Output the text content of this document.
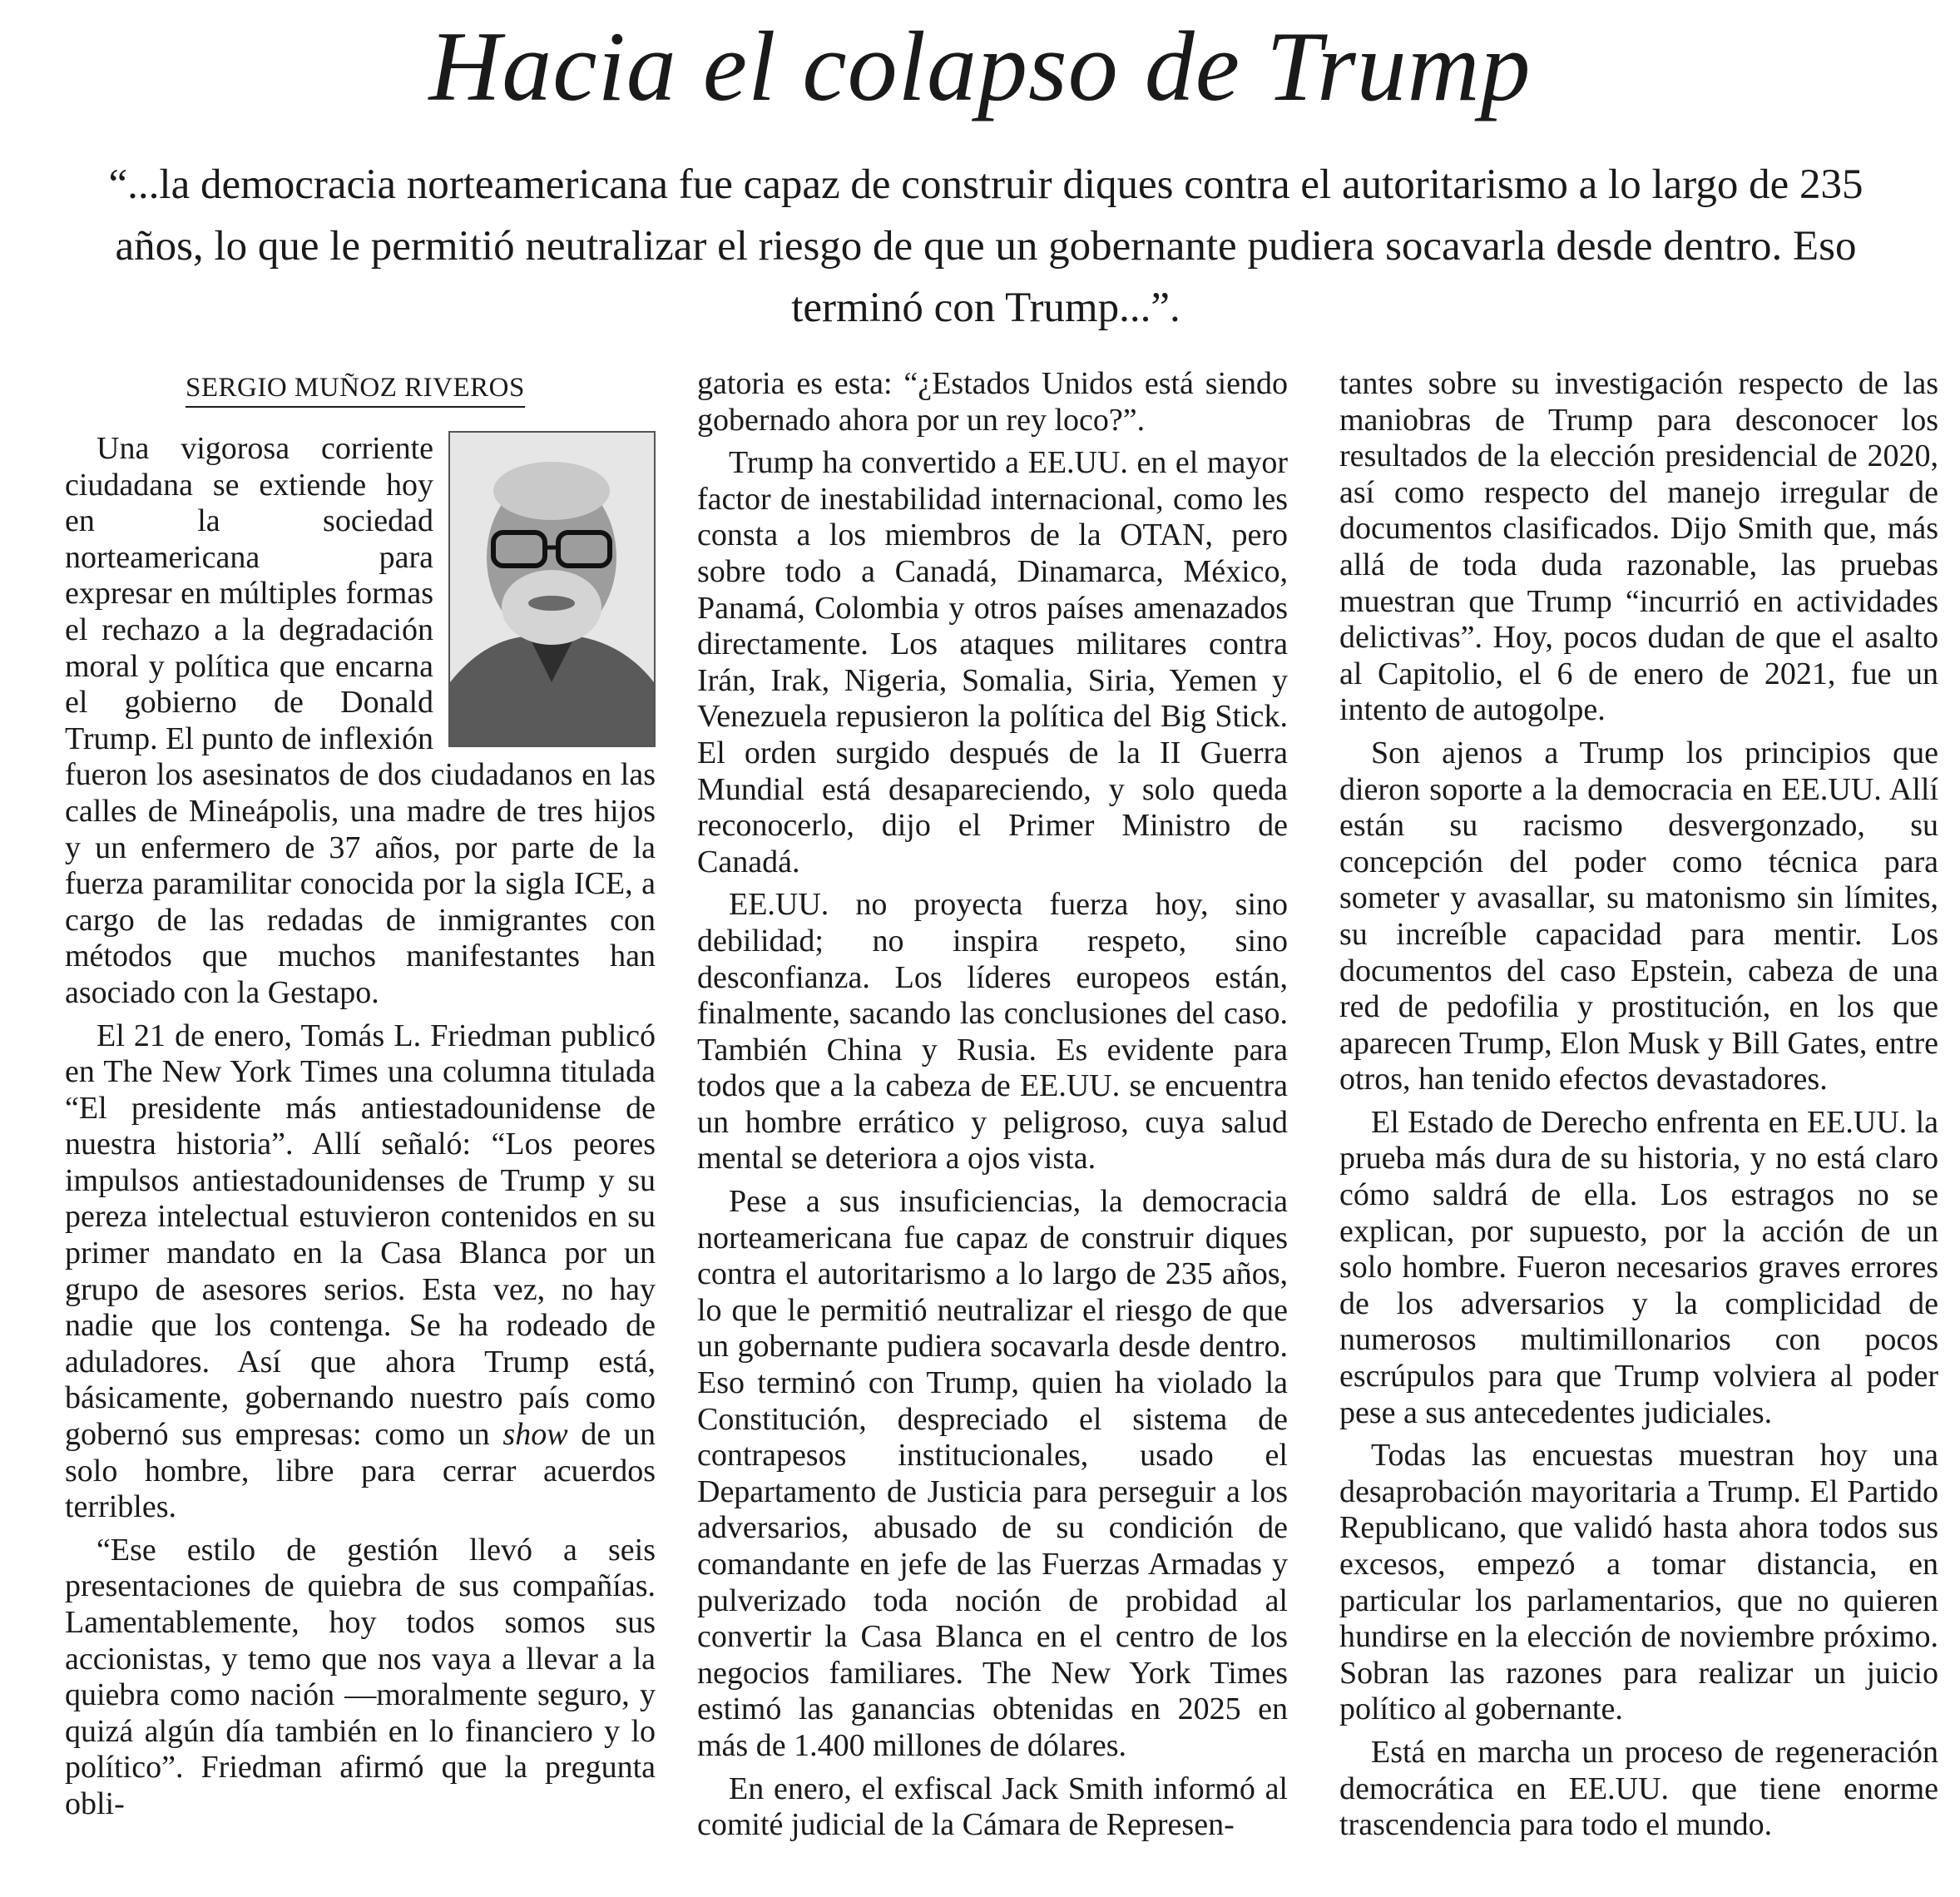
Hacia el colapso de Trump

“...la democracia norteamericana fue capaz de construir diques contra el autoritarismo a lo largo de 235 años, lo que le permitió neutralizar el riesgo de que un gobernante pudiera socavarla desde dentro. Eso terminó con Trump...”.

SERGIO MUÑOZ RIVEROS

Una vigorosa corriente ciudadana se extiende hoy en la sociedad norteamericana para expresar en múltiples formas el rechazo a la degradación moral y política que encarna el gobierno de Donald Trump. El punto de inflexión fueron los asesinatos de dos ciudadanos en las calles de Mineápolis, una madre de tres hijos y un enfermero de 37 años, por parte de la fuerza paramilitar conocida por la sigla ICE, a cargo de las redadas de inmigrantes con métodos que muchos manifestantes han asociado con la Gestapo.

El 21 de enero, Tomás L. Friedman publicó en The New York Times una columna titulada “El presidente más antiestadounidense de nuestra historia”. Allí señaló: “Los peores impulsos antiestadounidenses de Trump y su pereza intelectual estuvieron contenidos en su primer mandato en la Casa Blanca por un grupo de asesores serios. Esta vez, no hay nadie que los contenga. Se ha rodeado de aduladores. Así que ahora Trump está, básicamente, gobernando nuestro país como gobernó sus empresas: como un show de un solo hombre, libre para cerrar acuerdos terribles.

“Ese estilo de gestión llevó a seis presentaciones de quiebra de sus compañías. Lamentablemente, hoy todos somos sus accionistas, y temo que nos vaya a llevar a la quiebra como nación —moralmente seguro, y quizá algún día también en lo financiero y lo político”. Friedman afirmó que la pregunta obli-

gatoria es esta: “¿Estados Unidos está siendo gobernado ahora por un rey loco?”.

Trump ha convertido a EE.UU. en el mayor factor de inestabilidad internacional, como les consta a los miembros de la OTAN, pero sobre todo a Canadá, Dinamarca, México, Panamá, Colombia y otros países amenazados directamente. Los ataques militares contra Irán, Irak, Nigeria, Somalia, Siria, Yemen y Venezuela repusieron la política del Big Stick. El orden surgido después de la II Guerra Mundial está desapareciendo, y solo queda reconocerlo, dijo el Primer Ministro de Canadá.

EE.UU. no proyecta fuerza hoy, sino debilidad; no inspira respeto, sino desconfianza. Los líderes europeos están, finalmente, sacando las conclusiones del caso. También China y Rusia. Es evidente para todos que a la cabeza de EE.UU. se encuentra un hombre errático y peligroso, cuya salud mental se deteriora a ojos vista.

Pese a sus insuficiencias, la democracia norteamericana fue capaz de construir diques contra el autoritarismo a lo largo de 235 años, lo que le permitió neutralizar el riesgo de que un gobernante pudiera socavarla desde dentro. Eso terminó con Trump, quien ha violado la Constitución, despreciado el sistema de contrapesos institucionales, usado el Departamento de Justicia para perseguir a los adversarios, abusado de su condición de comandante en jefe de las Fuerzas Armadas y pulverizado toda noción de probidad al convertir la Casa Blanca en el centro de los negocios familiares. The New York Times estimó las ganancias obtenidas en 2025 en más de 1.400 millones de dólares.

En enero, el exfiscal Jack Smith informó al comité judicial de la Cámara de Represen-

tantes sobre su investigación respecto de las maniobras de Trump para desconocer los resultados de la elección presidencial de 2020, así como respecto del manejo irregular de documentos clasificados. Dijo Smith que, más allá de toda duda razonable, las pruebas muestran que Trump “incurrió en actividades delictivas”. Hoy, pocos dudan de que el asalto al Capitolio, el 6 de enero de 2021, fue un intento de autogolpe.

Son ajenos a Trump los principios que dieron soporte a la democracia en EE.UU. Allí están su racismo desvergonzado, su concepción del poder como técnica para someter y avasallar, su matonismo sin límites, su increíble capacidad para mentir. Los documentos del caso Epstein, cabeza de una red de pedofilia y prostitución, en los que aparecen Trump, Elon Musk y Bill Gates, entre otros, han tenido efectos devastadores.

El Estado de Derecho enfrenta en EE.UU. la prueba más dura de su historia, y no está claro cómo saldrá de ella. Los estragos no se explican, por supuesto, por la acción de un solo hombre. Fueron necesarios graves errores de los adversarios y la complicidad de numerosos multimillonarios con pocos escrúpulos para que Trump volviera al poder pese a sus antecedentes judiciales.

Todas las encuestas muestran hoy una desaprobación mayoritaria a Trump. El Partido Republicano, que validó hasta ahora todos sus excesos, empezó a tomar distancia, en particular los parlamentarios, que no quieren hundirse en la elección de noviembre próximo. Sobran las razones para realizar un juicio político al gobernante.

Está en marcha un proceso de regeneración democrática en EE.UU. que tiene enorme trascendencia para todo el mundo.
